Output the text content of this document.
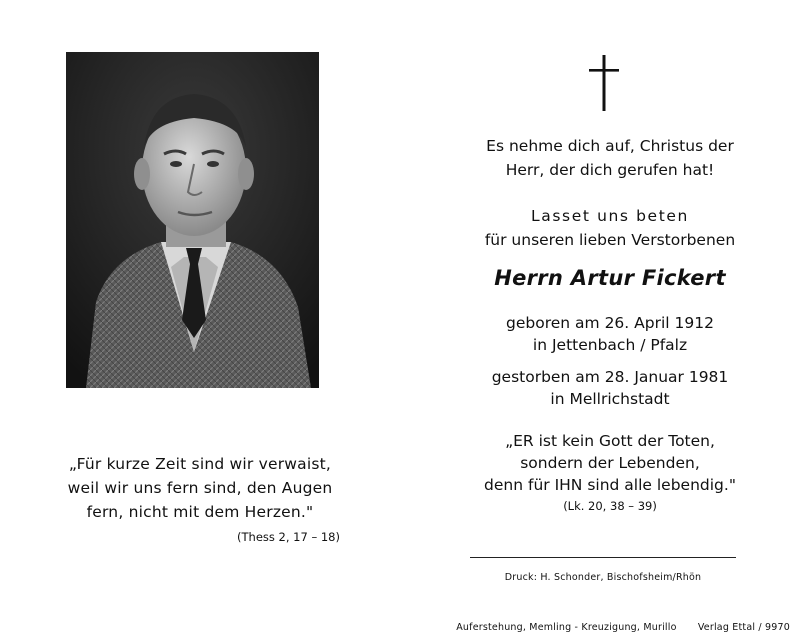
„Für kurze Zeit sind wir verwaist,
weil wir uns fern sind, den Augen
fern, nicht mit dem Herzen."
(Thess 2, 17 – 18)
Es nehme dich auf, Christus der
Herr, der dich gerufen hat!
Lasset uns beten
für unseren lieben Verstorbenen
Herrn Artur Fickert
geboren am 26. April 1912
in Jettenbach / Pfalz
gestorben am 28. Januar 1981
in Mellrichstadt
„ER ist kein Gott der Toten,
sondern der Lebenden,
denn für IHN sind alle lebendig."
(Lk. 20, 38 – 39)
Druck: H. Schonder, Bischofsheim/Rhön
Auferstehung, Memling - Kreuzigung, Murillo Verlag Ettal / 9970
